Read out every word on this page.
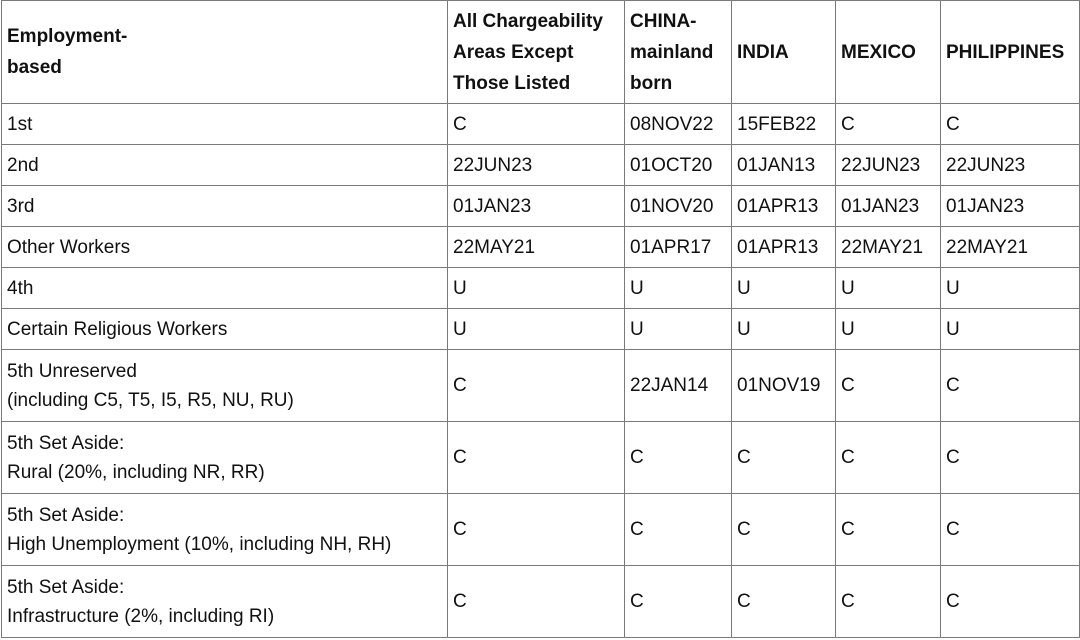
Employment-
based	All Chargeability
Areas Except
Those Listed	CHINA-
mainland
born	INDIA	MEXICO	PHILIPPINES

1st	C	08NOV22	15FEB22	C	C

2nd	22JUN23	01OCT20	01JAN13	22JUN23	22JUN23

3rd	01JAN23	01NOV20	01APR13	01JAN23	01JAN23

Other Workers	22MAY21	01APR17	01APR13	22MAY21	22MAY21

4th	U	U	U	U	U

Certain Religious Workers	U	U	U	U	U

5th Unreserved
(including C5, T5, I5, R5, NU, RU)	C	22JAN14	01NOV19	C	C

5th Set Aside:
Rural (20%, including NR, RR)	C	C	C	C	C

5th Set Aside:
High Unemployment (10%, including NH, RH)	C	C	C	C	C

5th Set Aside:
Infrastructure (2%, including RI)	C	C	C	C	C
